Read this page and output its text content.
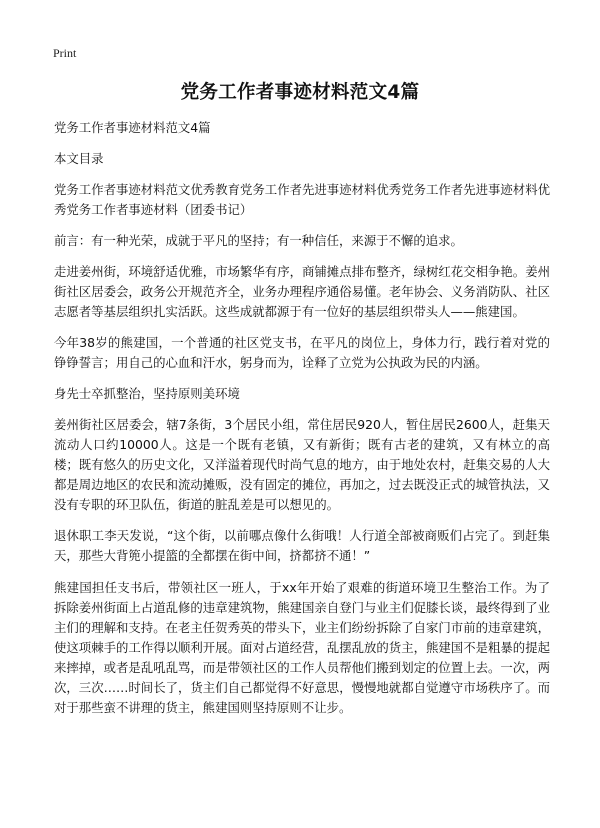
Print
党务工作者事迹材料范文4篇

党务工作者事迹材料范文4篇

本文目录

党务工作者事迹材料范文优秀教育党务工作者先进事迹材料优秀党务工作者先进事迹材料优秀党务工作者事迹材料（团委书记）

前言：有一种光荣，成就于平凡的坚持；有一种信任，来源于不懈的追求。

走进姜州街，环境舒适优雅，市场繁华有序，商铺摊点排布整齐，绿树红花交相争艳。姜州街社区居委会，政务公开规范齐全，业务办理程序通俗易懂。老年协会、义务消防队、社区志愿者等基层组织扎实活跃。这些成就都源于有一位好的基层组织带头人——熊建国。

今年38岁的熊建国，一个普通的社区党支书，在平凡的岗位上，身体力行，践行着对党的铮铮誓言；用自己的心血和汗水，躬身而为，诠释了立党为公执政为民的内涵。

身先士卒抓整治，坚持原则美环境

姜州街社区居委会，辖7条街，3个居民小组，常住居民920人，暂住居民2600人，赶集天流动人口约10000人。这是一个既有老镇，又有新街；既有古老的建筑，又有林立的高楼；既有悠久的历史文化，又洋溢着现代时尚气息的地方，由于地处农村，赶集交易的人大都是周边地区的农民和流动摊贩，没有固定的摊位，再加之，过去既没正式的城管执法，又没有专职的环卫队伍，街道的脏乱差是可以想见的。

退休职工李天发说，“这个街，以前哪点像什么街哦！人行道全部被商贩们占完了。到赶集天，那些大背篼小提篮的全都摆在街中间，挤都挤不通！”

熊建国担任支书后，带领社区一班人，于xx年开始了艰难的街道环境卫生整治工作。为了拆除姜州街面上占道乱修的违章建筑物，熊建国亲自登门与业主们促膝长谈，最终得到了业主们的理解和支持。在老主任贺秀英的带头下，业主们纷纷拆除了自家门市前的违章建筑，使这项棘手的工作得以顺利开展。面对占道经营，乱摆乱放的货主，熊建国不是粗暴的提起来摔掉，或者是乱吼乱骂，而是带领社区的工作人员帮他们搬到划定的位置上去。一次，两次，三次……时间长了，货主们自己都觉得不好意思，慢慢地就都自觉遵守市场秩序了。而对于那些蛮不讲理的货主，熊建国则坚持原则不让步。
